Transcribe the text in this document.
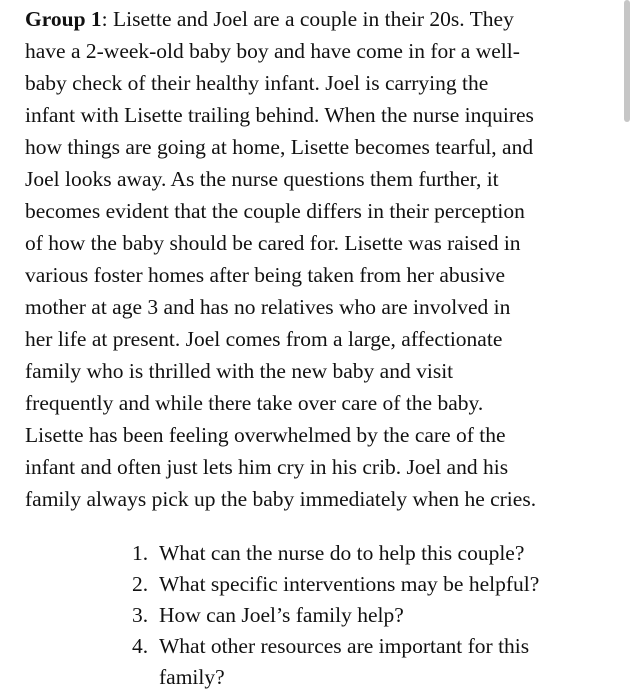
Group 1: Lisette and Joel are a couple in their 20s. They
have a 2-week-old baby boy and have come in for a well-
baby check of their healthy infant. Joel is carrying the
infant with Lisette trailing behind. When the nurse inquires
how things are going at home, Lisette becomes tearful, and
Joel looks away. As the nurse questions them further, it
becomes evident that the couple differs in their perception
of how the baby should be cared for. Lisette was raised in
various foster homes after being taken from her abusive
mother at age 3 and has no relatives who are involved in
her life at present. Joel comes from a large, affectionate
family who is thrilled with the new baby and visit
frequently and while there take over care of the baby.
Lisette has been feeling overwhelmed by the care of the
infant and often just lets him cry in his crib. Joel and his
family always pick up the baby immediately when he cries.
1. What can the nurse do to help this couple?
2. What specific interventions may be helpful?
3. How can Joel’s family help?
4. What other resources are important for this
family?
